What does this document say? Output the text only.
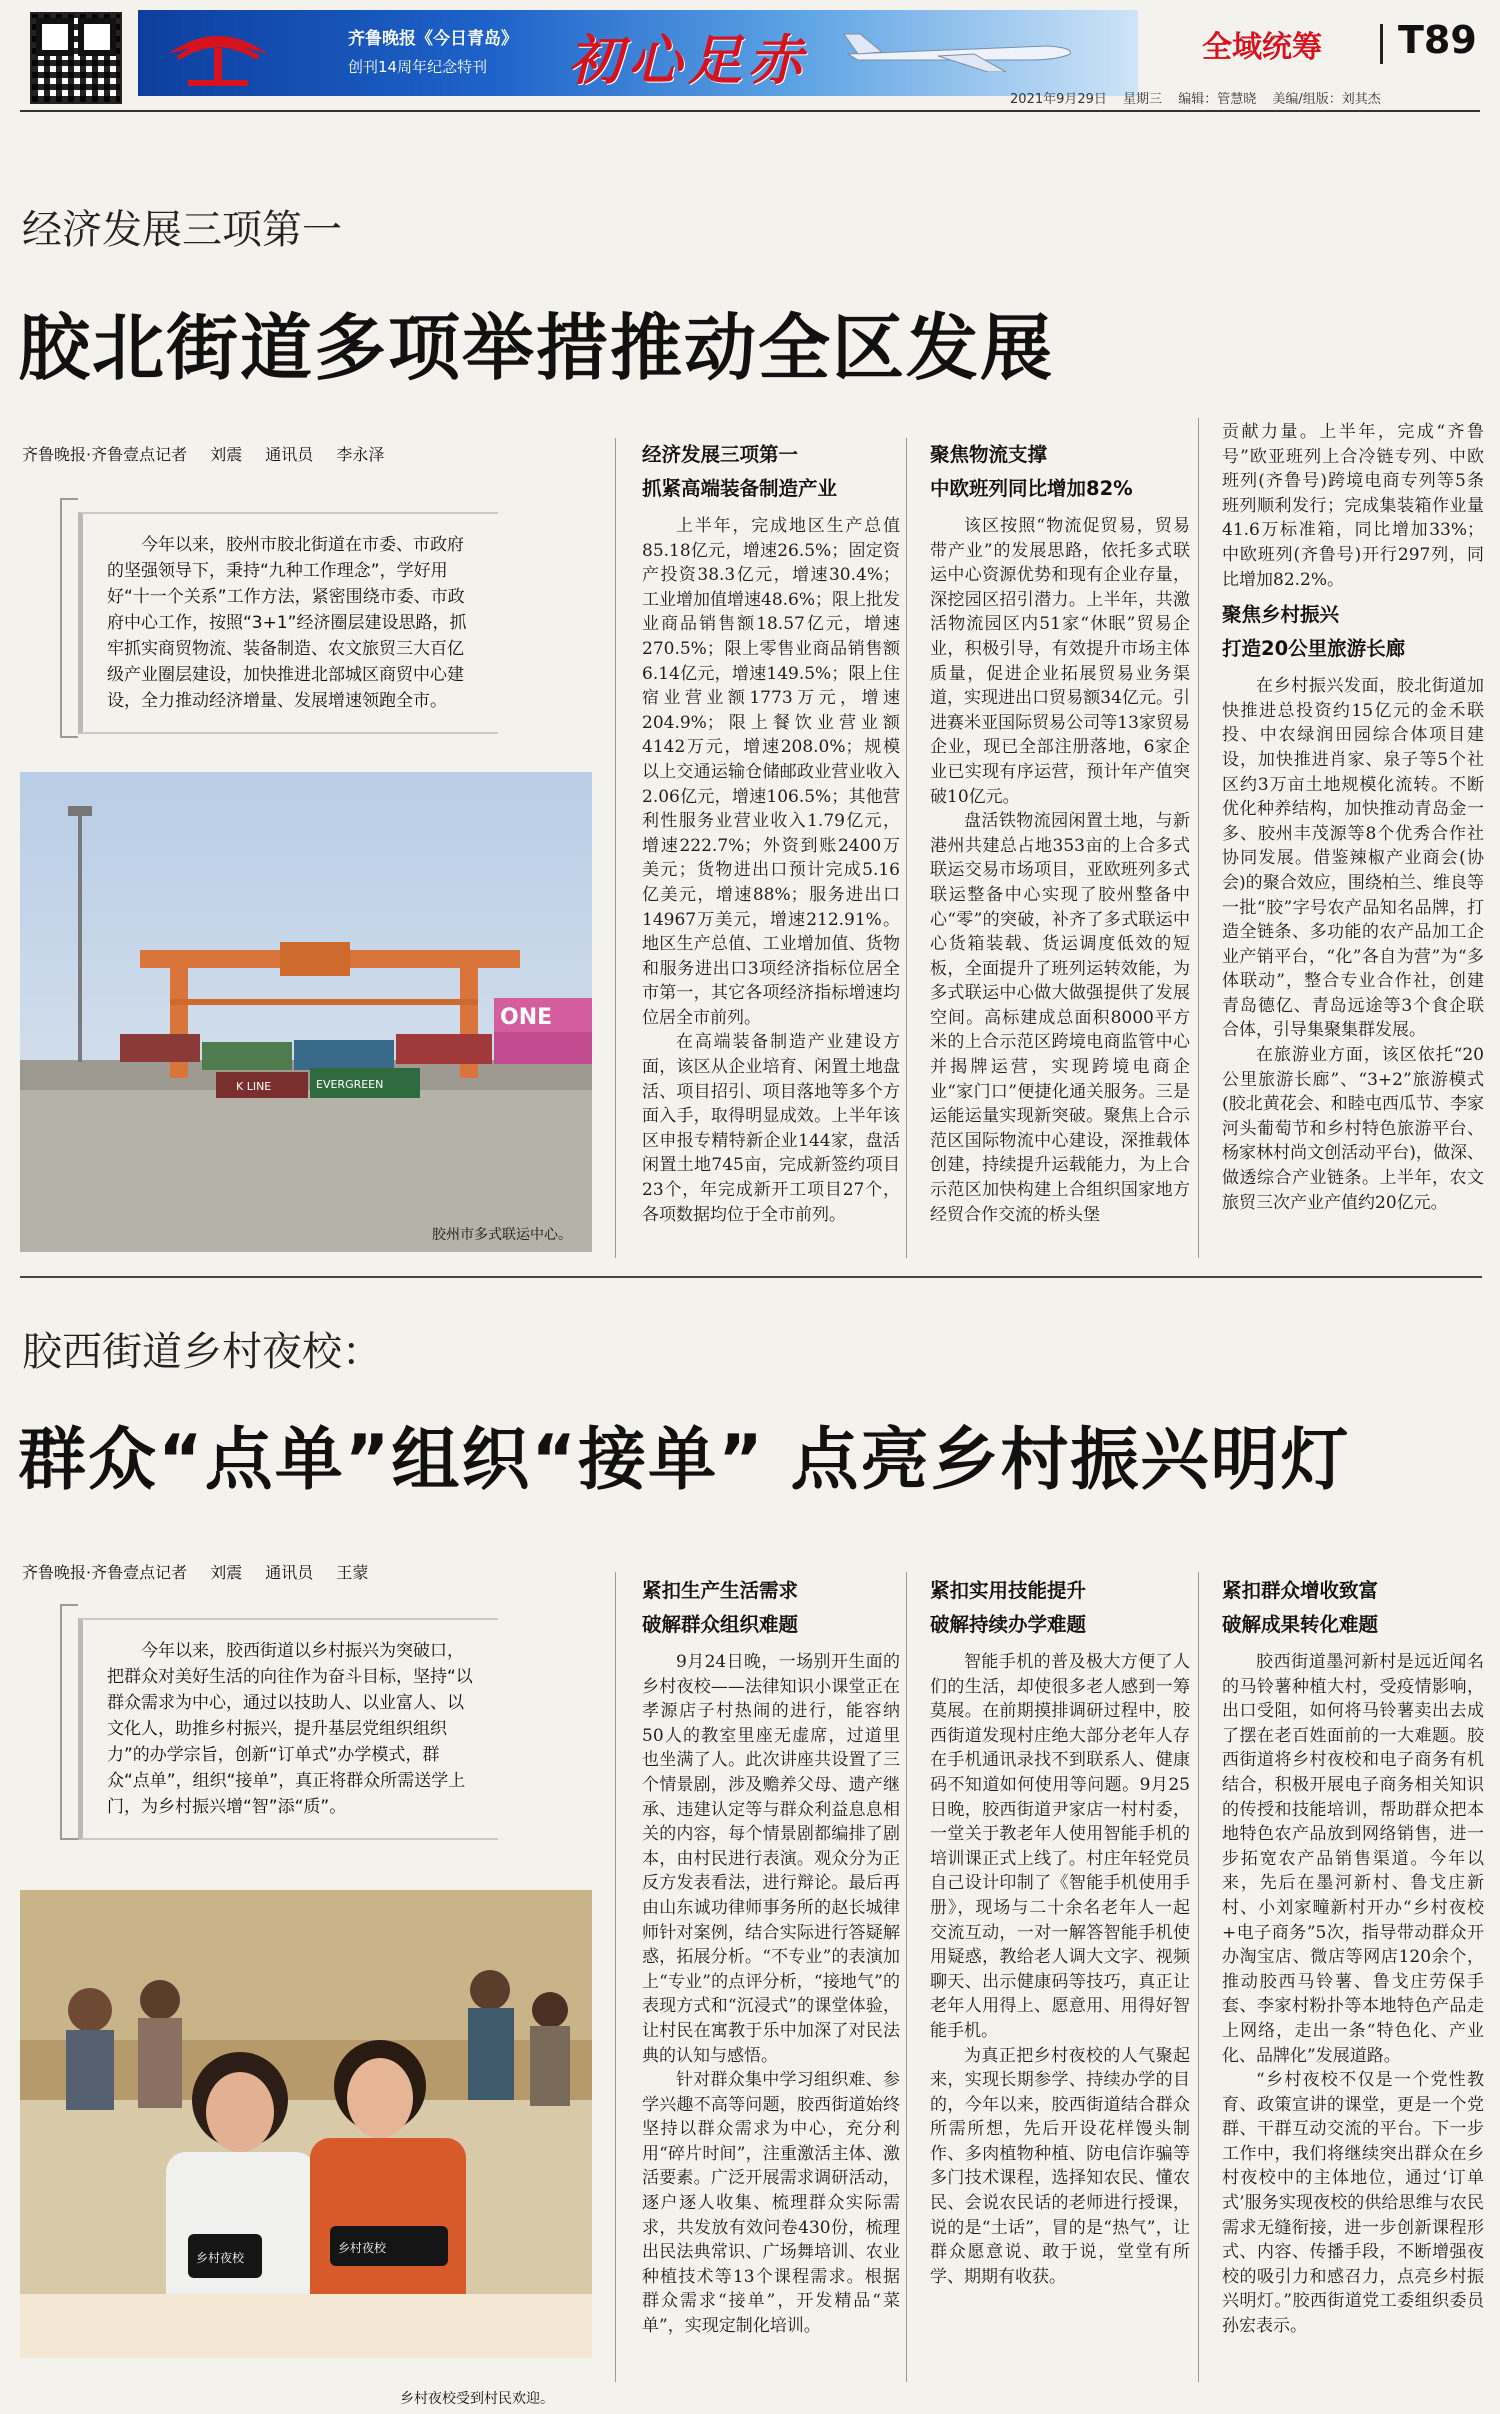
齐鲁晚报《今日青岛》
创刊14周年纪念特刊 初心足赤
2021年9月29日 星期三 编辑：管慧晓 美编/组版：刘其杰
全域统筹 T89
经济发展三项第一
胶北街道多项举措推动全区发展
齐鲁晚报·齐鲁壹点记者 刘震 通讯员 李永泽
今年以来，胶州市胶北街道在市委、市政府的坚强领导下，秉持“九种工作理念”，学好用好“十一个关系”工作方法，紧密围绕市委、市政府中心工作，按照“3+1”经济圈层建设思路，抓牢抓实商贸物流、装备制造、农文旅贸三大百亿级产业圈层建设，加快推进北部城区商贸中心建设，全力推动经济增量、发展增速领跑全市。
ONE
K LINE	EVERGREEN
胶州市多式联运中心。
经济发展三项第一
抓紧高端装备制造产业

上半年，完成地区生产总值85.18亿元，增速26.5%；固定资产投资38.3亿元，增速30.4%；工业增加值增速48.6%；限上批发业商品销售额18.57亿元，增速270.5%；限上零售业商品销售额6.14亿元，增速149.5%；限上住宿业营业额1773万元，增速204.9%；限上餐饮业营业额4142万元，增速208.0%；规模以上交通运输仓储邮政业营业收入2.06亿元，增速106.5%；其他营利性服务业营业收入1.79亿元，增速222.7%；外资到账2400万美元；货物进出口预计完成5.16亿美元，增速88%；服务进出口14967万美元，增速212.91%。地区生产总值、工业增加值、货物和服务进出口3项经济指标位居全市第一，其它各项经济指标增速均位居全市前列。

在高端装备制造产业建设方面，该区从企业培育、闲置土地盘活、项目招引、项目落地等多个方面入手，取得明显成效。上半年该区申报专精特新企业144家，盘活闲置土地745亩，完成新签约项目23个，年完成新开工项目27个，各项数据均位于全市前列。

聚焦物流支撑
中欧班列同比增加82%

该区按照“物流促贸易，贸易带产业”的发展思路，依托多式联运中心资源优势和现有企业存量，深挖园区招引潜力。上半年，共激活物流园区内51家“休眠”贸易企业，积极引导，有效提升市场主体质量，促进企业拓展贸易业务渠道，实现进出口贸易额34亿元。引进赛米亚国际贸易公司等13家贸易企业，现已全部注册落地，6家企业已实现有序运营，预计年产值突破10亿元。

盘活铁物流园闲置土地，与新港州共建总占地353亩的上合多式联运交易市场项目，亚欧班列多式联运整备中心实现了胶州整备中心“零”的突破，补齐了多式联运中心货箱装载、货运调度低效的短板，全面提升了班列运转效能，为多式联运中心做大做强提供了发展空间。高标建成总面积8000平方米的上合示范区跨境电商监管中心并揭牌运营，实现跨境电商企业“家门口”便捷化通关服务。三是运能运量实现新突破。聚焦上合示范区国际物流中心建设，深推载体创建，持续提升运载能力，为上合示范区加快构建上合组织国家地方经贸合作交流的桥头堡

贡献力量。上半年，完成“齐鲁号”欧亚班列上合冷链专列、中欧班列(齐鲁号)跨境电商专列等5条班列顺利发行；完成集装箱作业量41.6万标准箱，同比增加33%；中欧班列(齐鲁号)开行297列，同比增加82.2%。

聚焦乡村振兴
打造20公里旅游长廊

在乡村振兴发面，胶北街道加快推进总投资约15亿元的金禾联投、中农绿润田园综合体项目建设，加快推进肖家、泉子等5个社区约3万亩土地规模化流转。不断优化种养结构，加快推动青岛金一多、胶州丰茂源等8个优秀合作社协同发展。借鉴辣椒产业商会(协会)的聚合效应，围绕柏兰、维良等一批“胶”字号农产品知名品牌，打造全链条、多功能的农产品加工企业产销平台，“化”各自为营”为“多体联动”，整合专业合作社，创建青岛德亿、青岛远途等3个食企联合体，引导集聚集群发展。

在旅游业方面，该区依托“20公里旅游长廊”、“3+2”旅游模式(胶北黄花会、和睦屯西瓜节、李家河头葡萄节和乡村特色旅游平台、杨家林村尚文创活动平台)，做深、做透综合产业链条。上半年，农文旅贸三次产业产值约20亿元。

胶西街道乡村夜校：
群众“点单”组织“接单” 点亮乡村振兴明灯
齐鲁晚报·齐鲁壹点记者 刘震 通讯员 王蒙
今年以来，胶西街道以乡村振兴为突破口，把群众对美好生活的向往作为奋斗目标，坚持“以群众需求为中心，通过以技助人、以业富人、以文化人，助推乡村振兴，提升基层党组织组织力”的办学宗旨，创新“订单式”办学模式，群众“点单”，组织“接单”，真正将群众所需送学上门，为乡村振兴增“智”添“质”。
乡村夜校
乡村夜校
乡村夜校受到村民欢迎。
紧扣生产生活需求
破解群众组织难题

9月24日晚，一场别开生面的乡村夜校——法律知识小课堂正在孝源店子村热闹的进行，能容纳50人的教室里座无虚席，过道里也坐满了人。此次讲座共设置了三个情景剧，涉及赡养父母、遗产继承、违建认定等与群众利益息息相关的内容，每个情景剧都编排了剧本，由村民进行表演。观众分为正反方发表看法，进行辩论。最后再由山东诚功律师事务所的赵长城律师针对案例，结合实际进行答疑解惑，拓展分析。“不专业”的表演加上“专业”的点评分析，“接地气”的表现方式和“沉浸式”的课堂体验，让村民在寓教于乐中加深了对民法典的认知与感悟。

针对群众集中学习组织难、参学兴趣不高等问题，胶西街道始终坚持以群众需求为中心，充分利用“碎片时间”，注重激活主体、激活要素。广泛开展需求调研活动，逐户逐人收集、梳理群众实际需求，共发放有效问卷430份，梳理出民法典常识、广场舞培训、农业种植技术等13个课程需求。根据群众需求“接单”，开发精品“菜单”，实现定制化培训。

紧扣实用技能提升
破解持续办学难题

智能手机的普及极大方便了人们的生活，却使很多老人感到一筹莫展。在前期摸排调研过程中，胶西街道发现村庄绝大部分老年人存在手机通讯录找不到联系人、健康码不知道如何使用等问题。9月25日晚，胶西街道尹家店一村村委，一堂关于教老年人使用智能手机的培训课正式上线了。村庄年轻党员自己设计印制了《智能手机使用手册》，现场与二十余名老年人一起交流互动，一对一解答智能手机使用疑惑，教给老人调大文字、视频聊天、出示健康码等技巧，真正让老年人用得上、愿意用、用得好智能手机。

为真正把乡村夜校的人气聚起来，实现长期参学、持续办学的目的，今年以来，胶西街道结合群众所需所想，先后开设花样馒头制作、多肉植物种植、防电信诈骗等多门技术课程，选择知农民、懂农民、会说农民话的老师进行授课，说的是“土话”，冒的是“热气”，让群众愿意说、敢于说，堂堂有所学、期期有收获。

紧扣群众增收致富
破解成果转化难题

胶西街道墨河新村是远近闻名的马铃薯种植大村，受疫情影响，出口受阻，如何将马铃薯卖出去成了摆在老百姓面前的一大难题。胶西街道将乡村夜校和电子商务有机结合，积极开展电子商务相关知识的传授和技能培训，帮助群众把本地特色农产品放到网络销售，进一步拓宽农产品销售渠道。今年以来，先后在墨河新村、鲁戈庄新村、小刘家疃新村开办“乡村夜校+电子商务”5次，指导带动群众开办淘宝店、微店等网店120余个，推动胶西马铃薯、鲁戈庄劳保手套、李家村粉扑等本地特色产品走上网络，走出一条“特色化、产业化、品牌化”发展道路。

“乡村夜校不仅是一个党性教育、政策宣讲的课堂，更是一个党群、干群互动交流的平台。下一步工作中，我们将继续突出群众在乡村夜校中的主体地位，通过‘订单式’服务实现夜校的供给思维与农民需求无缝衔接，进一步创新课程形式、内容、传播手段，不断增强夜校的吸引力和感召力，点亮乡村振兴明灯。”胶西街道党工委组织委员孙宏表示。
